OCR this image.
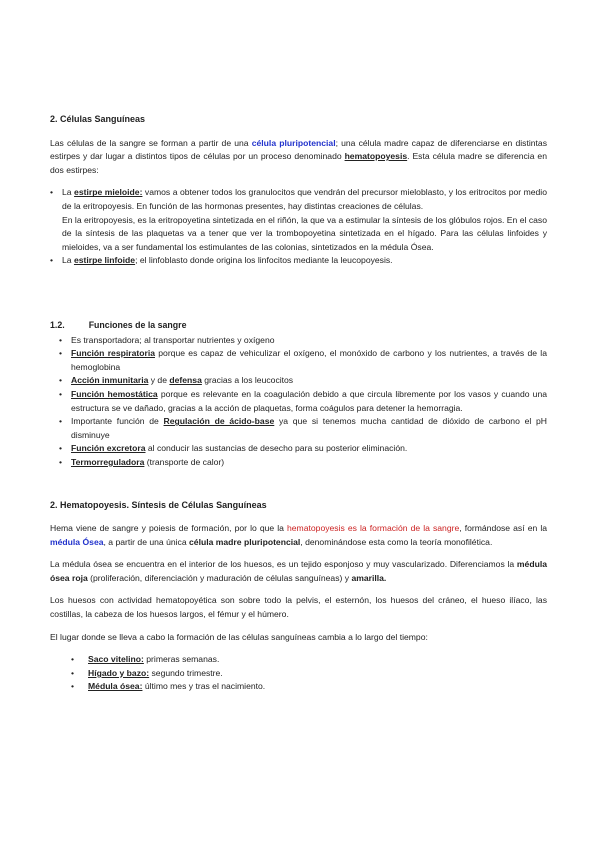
2. Células Sanguíneas

Las células de la sangre se forman a partir de una célula pluripotencial; una célula madre capaz de diferenciarse en distintas estirpes y dar lugar a distintos tipos de células por un proceso denominado hematopoyesis. Esta célula madre se diferencia en dos estirpes:

• La estirpe mieloide: vamos a obtener todos los granulocitos que vendrán del precursor mieloblasto, y los eritrocitos por medio de la eritropoyesis. En función de las hormonas presentes, hay distintas creaciones de células.
En la eritropoyesis, es la eritropoyetina sintetizada en el riñón, la que va a estimular la síntesis de los glóbulos rojos. En el caso de la síntesis de las plaquetas va a tener que ver la trombopoyetina sintetizada en el hígado. Para las células linfoides y mieloides, va a ser fundamental los estimulantes de las colonias, sintetizados en la médula Ósea.
• La estirpe linfoide; el linfoblasto donde origina los linfocitos mediante la leucopoyesis.
1.2.	Funciones de la sangre
• Es transportadora; al transportar nutrientes y oxígeno
• Función respiratoria porque es capaz de vehiculizar el oxígeno, el monóxido de carbono y los nutrientes, a través de la hemoglobina
• Acción inmunitaria y de defensa gracias a los leucocitos
• Función hemostática porque es relevante en la coagulación debido a que circula libremente por los vasos y cuando una estructura se ve dañado, gracias a la acción de plaquetas, forma coágulos para detener la hemorragia.
• Importante función de Regulación de ácido-base ya que si tenemos mucha cantidad de dióxido de carbono el pH disminuye
• Función excretora al conducir las sustancias de desecho para su posterior eliminación.
• Termorreguladora (transporte de calor)
2. Hematopoyesis. Síntesis de Células Sanguíneas

Hema viene de sangre y poiesis de formación, por lo que la hematopoyesis es la formación de la sangre, formándose así en la médula Ósea, a partir de una única célula madre pluripotencial, denominándose esta como la teoría monofilética.

La médula ósea se encuentra en el interior de los huesos, es un tejido esponjoso y muy vascularizado. Diferenciamos la médula ósea roja (proliferación, diferenciación y maduración de células sanguíneas) y amarilla.

Los huesos con actividad hematopoyética son sobre todo la pelvis, el esternón, los huesos del cráneo, el hueso ilíaco, las costillas, la cabeza de los huesos largos, el fémur y el húmero.

El lugar donde se lleva a cabo la formación de las células sanguíneas cambia a lo largo del tiempo:

• Saco vitelino: primeras semanas.
• Hígado y bazo: segundo trimestre.
• Médula ósea: último mes y tras el nacimiento.
